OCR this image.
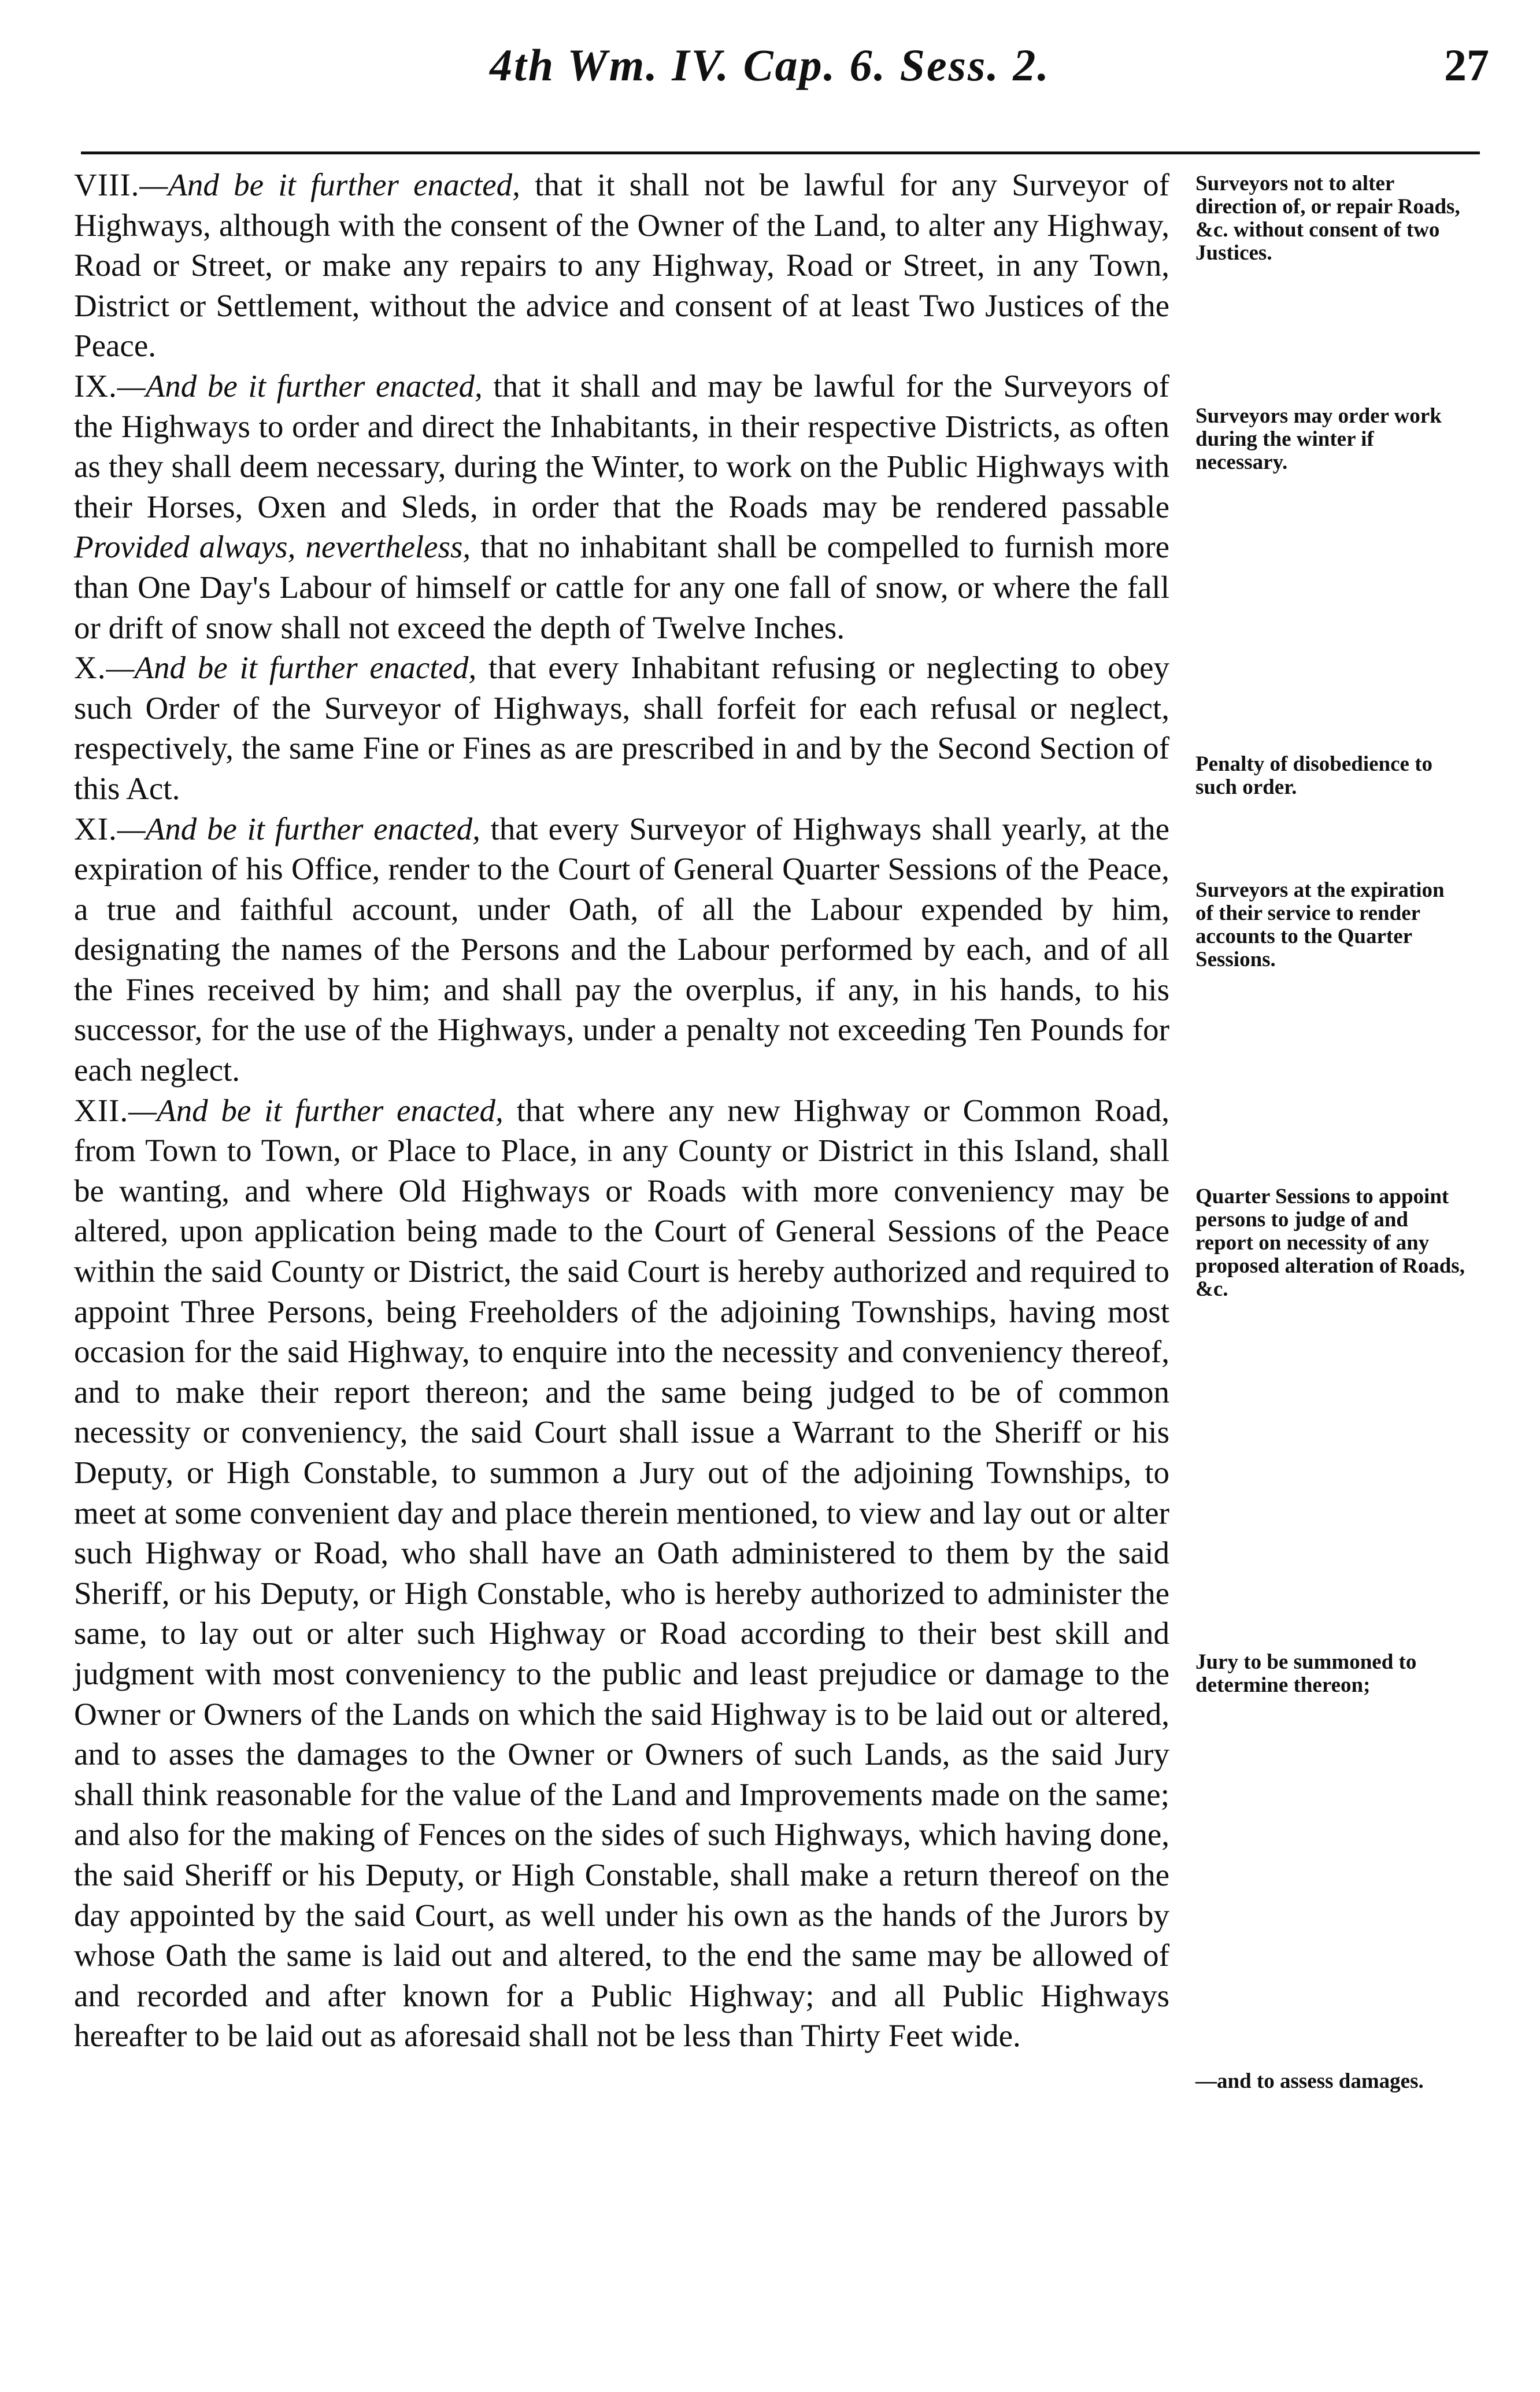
4th Wm. IV. Cap. 6. Sess. 2.	27

VIII.—And be it further enacted, that it shall not be lawful for any Surveyor of Highways, although with the consent of the Owner of the Land, to alter any Highway, Road or Street, or make any repairs to any Highway, Road or Street, in any Town, District or Settlement, without the advice and consent of at least Two Justices of the Peace.

IX.—And be it further enacted, that it shall and may be lawful for the Surveyors of the Highways to order and direct the Inhabitants, in their respective Districts, as often as they shall deem necessary, during the Winter, to work on the Public Highways with their Horses, Oxen and Sleds, in order that the Roads may be rendered passable Provided always, nevertheless, that no inhabitant shall be compelled to furnish more than One Day's Labour of himself or cattle for any one fall of snow, or where the fall or drift of snow shall not exceed the depth of Twelve Inches.

X.—And be it further enacted, that every Inhabitant refusing or neglecting to obey such Order of the Surveyor of Highways, shall forfeit for each refusal or neglect, respectively, the same Fine or Fines as are prescribed in and by the Second Section of this Act.

XI.—And be it further enacted, that every Surveyor of Highways shall yearly, at the expiration of his Office, render to the Court of General Quarter Sessions of the Peace, a true and faithful account, under Oath, of all the Labour expended by him, designating the names of the Persons and the Labour performed by each, and of all the Fines received by him; and shall pay the overplus, if any, in his hands, to his successor, for the use of the Highways, under a penalty not exceeding Ten Pounds for each neglect.

XII.—And be it further enacted, that where any new Highway or Common Road, from Town to Town, or Place to Place, in any County or District in this Island, shall be wanting, and where Old Highways or Roads with more conveniency may be altered, upon application being made to the Court of General Sessions of the Peace within the said County or District, the said Court is hereby authorized and required to appoint Three Persons, being Freeholders of the adjoining Townships, having most occasion for the said Highway, to enquire into the necessity and conveniency thereof, and to make their report thereon; and the same being judged to be of common necessity or conveniency, the said Court shall issue a Warrant to the Sheriff or his Deputy, or High Constable, to summon a Jury out of the adjoining Townships, to meet at some convenient day and place therein mentioned, to view and lay out or alter such Highway or Road, who shall have an Oath administered to them by the said Sheriff, or his Deputy, or High Constable, who is hereby authorized to administer the same, to lay out or alter such Highway or Road according to their best skill and judgment with most conveniency to the public and least prejudice or damage to the Owner or Owners of the Lands on which the said Highway is to be laid out or altered, and to asses the damages to the Owner or Owners of such Lands, as the said Jury shall think reasonable for the value of the Land and Improvements made on the same; and also for the making of Fences on the sides of such Highways, which having done, the said Sheriff or his Deputy, or High Constable, shall make a return thereof on the day appointed by the said Court, as well under his own as the hands of the Jurors by whose Oath the same is laid out and altered, to the end the same may be allowed of and recorded and after known for a Public Highway; and all Public Highways hereafter to be laid out as aforesaid shall not be less than Thirty Feet wide.

Surveyors not to alter direction of, or repair Roads, &c. without consent of two Justices.
Surveyors may order work during the winter if necessary.
Penalty of disobedience to such order.
Surveyors at the expiration of their service to render accounts to the Quarter Sessions.
Quarter Sessions to appoint persons to judge of and report on necessity of any proposed alteration of Roads, &c.
Jury to be summoned to determine thereon;
—and to assess damages.
